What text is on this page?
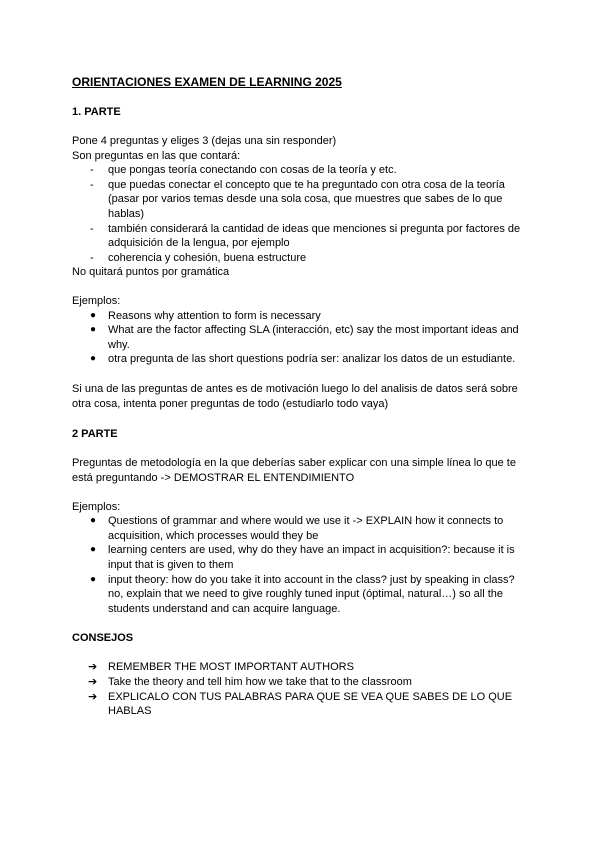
ORIENTACIONES EXAMEN DE LEARNING 2025
1. PARTE
Pone 4 preguntas y eliges 3 (dejas una sin responder)
Son preguntas en las que contará:
- que pongas teoría conectando con cosas de la teoría y etc.
- que puedas conectar el concepto que te ha preguntado con otra cosa de la teoría
(pasar por varios temas desde una sola cosa, que muestres que sabes de lo que
hablas)
- también considerará la cantidad de ideas que menciones si pregunta por factores de
adquisición de la lengua, por ejemplo
- coherencia y cohesión, buena estructure
No quitará puntos por gramática
Ejemplos:
● Reasons why attention to form is necessary
● What are the factor affecting SLA (interacción, etc) say the most important ideas and
why.
● otra pregunta de las short questions podría ser: analizar los datos de un estudiante.
Si una de las preguntas de antes es de motivación luego lo del analisis de datos será sobre
otra cosa, intenta poner preguntas de todo (estudiarlo todo vaya)
2 PARTE
Preguntas de metodología en la que deberías saber explicar con una simple línea lo que te
está preguntando -> DEMOSTRAR EL ENTENDIMIENTO
Ejemplos:
● Questions of grammar and where would we use it -> EXPLAIN how it connects to
acquisition, which processes would they be
● learning centers are used, why do they have an impact in acquisition?: because it is
input that is given to them
● input theory: how do you take it into account in the class? just by speaking in class?
no, explain that we need to give roughly tuned input (óptimal, natural…) so all the
students understand and can acquire language.
CONSEJOS
➔ REMEMBER THE MOST IMPORTANT AUTHORS
➔ Take the theory and tell him how we take that to the classroom
➔ EXPLICALO CON TUS PALABRAS PARA QUE SE VEA QUE SABES DE LO QUE
HABLAS
